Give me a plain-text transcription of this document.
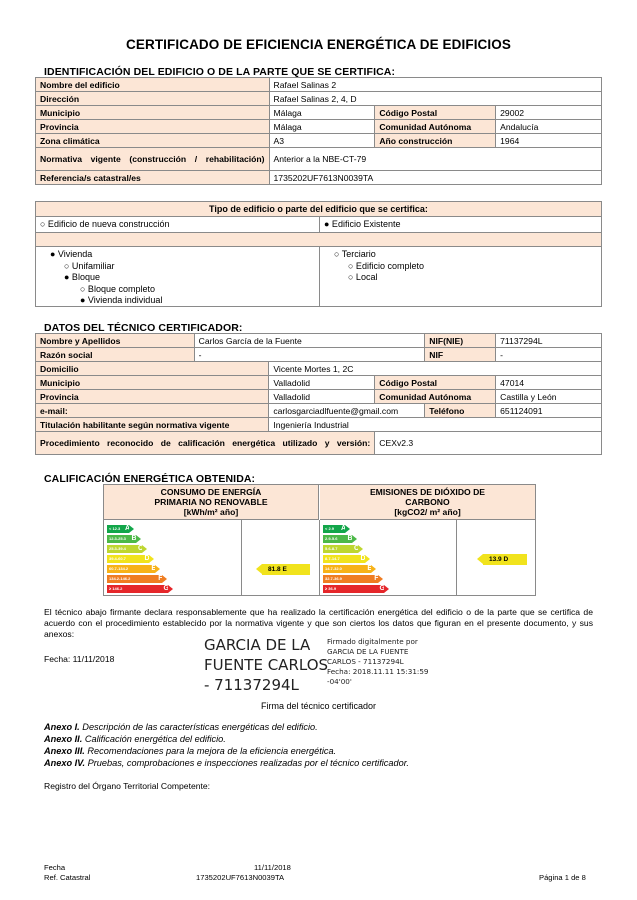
CERTIFICADO DE EFICIENCIA ENERGÉTICA DE EDIFICIOS
IDENTIFICACIÓN DEL EDIFICIO O DE LA PARTE QUE SE CERTIFICA:
Nombre del edificio	Rafael Salinas 2		
Dirección	Rafael Salinas 2, 4, D		
Municipio	Málaga	Código Postal	29002
Provincia	Málaga	Comunidad Autónoma	Andalucía
Zona climática	A3	Año construcción	1964
Normativa vigente (construcción / rehabilitación)	Anterior a la NBE-CT-79		
Referencia/s catastral/es	1735202UF7613N0039TA		
Tipo de edificio o parte del edificio que se certifica:
○ Edificio de nueva construcción	● Edificio Existente
● Vivienda
○ Unifamiliar
● Bloque
○ Bloque completo
● Vivienda individual
○ Terciario
○ Edificio completo
○ Local
DATOS DEL TÉCNICO CERTIFICADOR:
Nombre y Apellidos	Carlos García de la Fuente			NIF(NIE)	71137294L
Razón social	-			NIF	-
Domicilio		Vicente Mortes 1, 2C			
Municipio		Valladolid	Código Postal		47014
Provincia		Valladolid	Comunidad Autónoma		Castilla y León
e-mail:		carlosgarciadlfuente@gmail.com		Teléfono	651124091
Titulación habilitante según normativa vigente		Ingeniería Industrial			
Procedimiento reconocido de calificación energética utilizado y versión:			CEXv2.3		
CALIFICACIÓN ENERGÉTICA OBTENIDA:
CONSUMO DE ENERGÍA
PRIMARIA NO RENOVABLE
[kWh/m² año]
EMISIONES DE DIÓXIDO DE
CARBONO
[kgCO2/ m² año]
< 12.3 A
12.3-25.3 B
25.3-39.4 C
39.4-60.7	D
60.7-134.2	E
134.2-146.2	F
≥ 146.2	G
< 2.9 A
2.9-5.6 B
5.6-8.7 C
8.7-14.7	D
14.7-32.0	E
32.7-36.9	F
≥ 36.9	G
81.8 E
13.9 D
El técnico abajo firmante declara responsablemente que ha realizado la certificación energética del edificio o de la parte que se certifica de acuerdo con el procedimiento establecido por la normativa vigente y que son ciertos los datos que figuran en el presente documento, y sus anexos:
Fecha: 11/11/2018
GARCIA DE LA
FUENTE CARLOS
- 71137294L
Firmado digitalmente por
GARCIA DE LA FUENTE
CARLOS - 71137294L
Fecha: 2018.11.11 15:31:59
-04'00'
Firma del técnico certificador
Anexo I. Descripción de las características energéticas del edificio.
Anexo II. Calificación energética del edificio.
Anexo III. Recomendaciones para la mejora de la eficiencia energética.
Anexo IV. Pruebas, comprobaciones e inspecciones realizadas por el técnico certificador.
Registro del Órgano Territorial Competente:
Fecha
Ref. Catastral
11/11/2018
1735202UF7613N0039TA	Página 1 de 8
